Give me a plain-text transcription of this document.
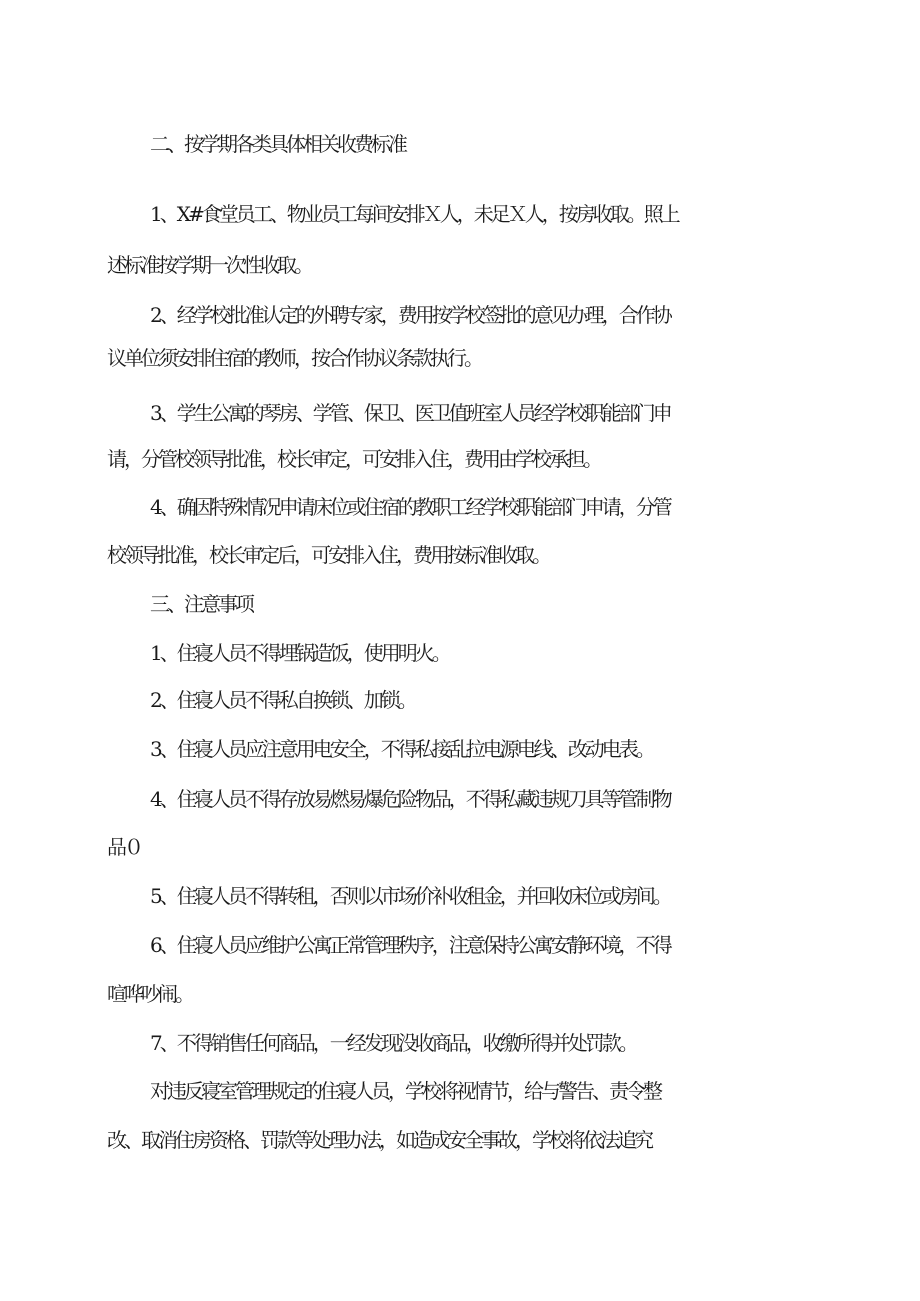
二、按学期各类具体相关收费标准
1、X#食堂员工、物业员工每间安排Ｘ人，未足Ｘ人，按房收取。照上
述标准按学期一次性收取。
2、经学校批准认定的外聘专家，费用按学校签批的意见办理，合作协
议单位须安排住宿的教师，按合作协议条款执行。
3、学生公寓的琴房、学管、保卫、医卫值班室人员经学校职能部门申
请，分管校领导批准，校长审定，可安排入住，费用由学校承担。
4、确因特殊情况申请床位或住宿的教职工经学校职能部门申请，分管
校领导批准，校长审定后，可安排入住，费用按标准收取。
三、注意事项
1、住寝人员不得埋锅造饭，使用明火。
2、住寝人员不得私自换锁、加锁。
3、住寝人员应注意用电安全，不得私接乱拉电源电线、改动电表。
4、住寝人员不得存放易燃易爆危险物品，不得私藏违规刀具等管制物
品０
5、住寝人员不得转租，否则以市场价补收租金，并回收床位或房间。
6、住寝人员应维护公寓正常管理秩序，注意保持公寓安静环境，不得
喧哗吵闹。
7、不得销售任何商品，一经发现没收商品，收缴所得并处罚款。
对违反寝室管理规定的住寝人员，学校将视情节，给与警告、责令整
改、取消住房资格、罚款等处理办法，如造成安全事故，学校将依法追究
